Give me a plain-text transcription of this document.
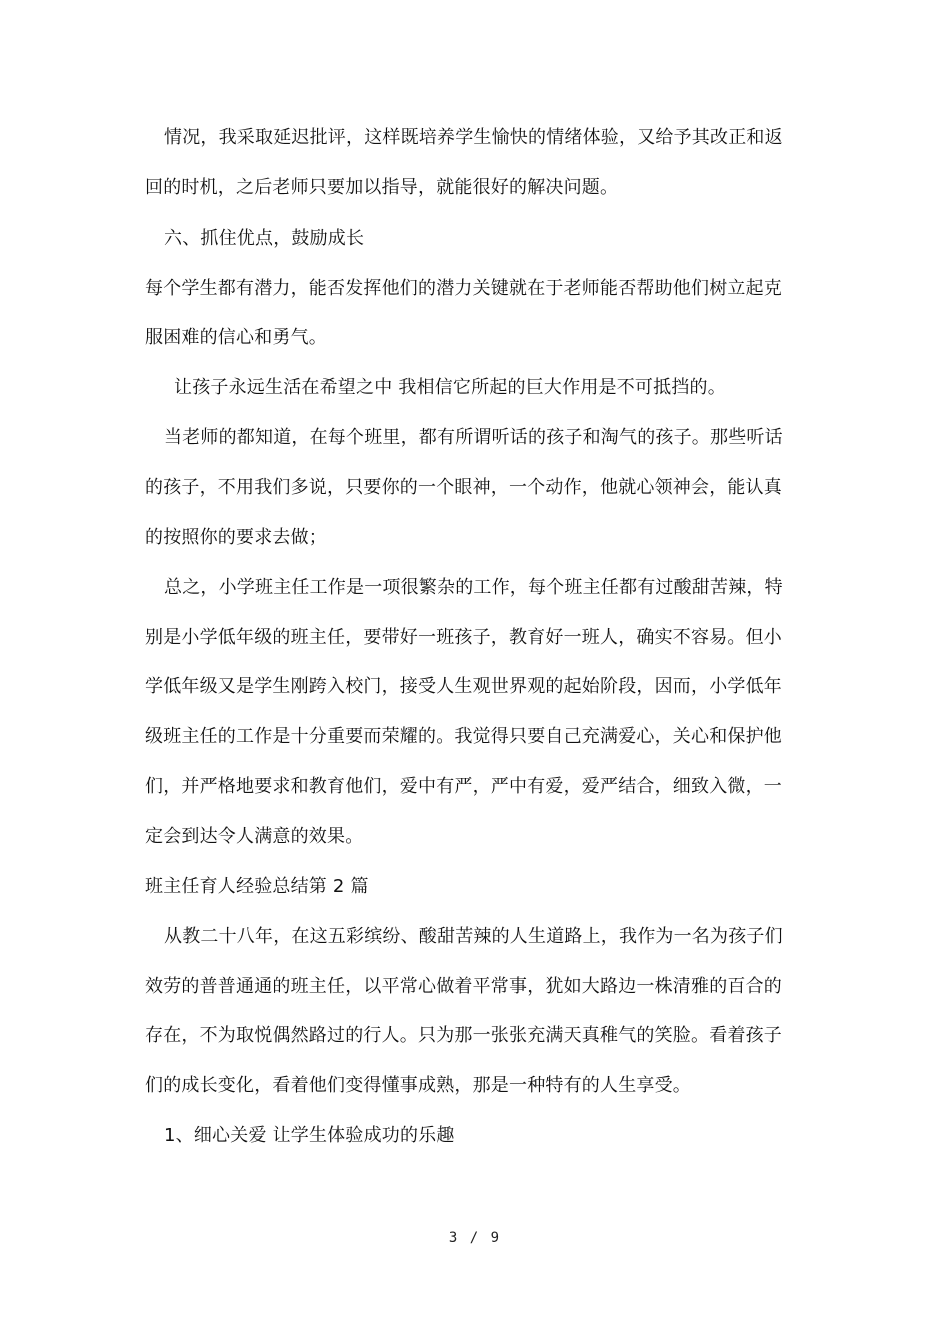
情况，我采取延迟批评，这样既培养学生愉快的情绪体验，又给予其改正和返
回的时机，之后老师只要加以指导，就能很好的解决问题。
六、抓住优点，鼓励成长
每个学生都有潜力，能否发挥他们的潜力关键就在于老师能否帮助他们树立起克
服困难的信心和勇气。
让孩子永远生活在希望之中 我相信它所起的巨大作用是不可抵挡的。
当老师的都知道，在每个班里，都有所谓听话的孩子和淘气的孩子。那些听话
的孩子，不用我们多说，只要你的一个眼神，一个动作，他就心领神会，能认真
的按照你的要求去做；
总之，小学班主任工作是一项很繁杂的工作，每个班主任都有过酸甜苦辣，特
别是小学低年级的班主任，要带好一班孩子，教育好一班人，确实不容易。但小
学低年级又是学生刚跨入校门，接受人生观世界观的起始阶段，因而，小学低年
级班主任的工作是十分重要而荣耀的。我觉得只要自己充满爱心，关心和保护他
们，并严格地要求和教育他们，爱中有严，严中有爱，爱严结合，细致入微，一
定会到达令人满意的效果。
班主任育人经验总结第 2 篇
从教二十八年，在这五彩缤纷、酸甜苦辣的人生道路上，我作为一名为孩子们
效劳的普普通通的班主任，以平常心做着平常事，犹如大路边一株清雅的百合的
存在，不为取悦偶然路过的行人。只为那一张张充满天真稚气的笑脸。看着孩子
们的成长变化，看着他们变得懂事成熟，那是一种特有的人生享受。
1、细心关爱 让学生体验成功的乐趣
3 / 9
